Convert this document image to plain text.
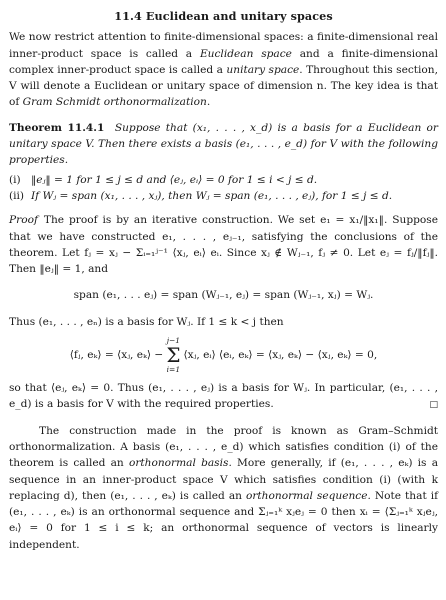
11.4 Euclidean and unitary spaces

We now restrict attention to finite-dimensional spaces: a finite-dimensional real inner-product space is called a Euclidean space and a finite-dimensional complex inner-product space is called a unitary space. Throughout this section, V will denote a Euclidean or unitary space of dimension n. The key idea is that of Gram Schmidt orthonormalization.

Theorem 11.4.1 Suppose that (x₁, . . . , x_d) is a basis for a Euclidean or unitary space V. Then there exists a basis (e₁, . . . , e_d) for V with the following properties.

(i) ‖eⱼ‖ = 1 for 1 ≤ j ≤ d and ⟨eⱼ, eᵢ⟩ = 0 for 1 ≤ i < j ≤ d.
(ii) If Wⱼ = span (x₁, . . . , xⱼ), then Wⱼ = span (e₁, . . . , eⱼ), for 1 ≤ j ≤ d.

Proof The proof is by an iterative construction. We set e₁ = x₁/‖x₁‖. Suppose that we have constructed e₁, . . . , eⱼ₋₁, satisfying the conclusions of the theorem. Let fⱼ = xⱼ − Σᵢ₌₁ʲ⁻¹ ⟨xⱼ, eᵢ⟩ eᵢ. Since xⱼ ∉ Wⱼ₋₁, fⱼ ≠ 0. Let eⱼ = fⱼ/‖fⱼ‖. Then ‖eⱼ‖ = 1, and

span (e₁, . . . eⱼ) = span (Wⱼ₋₁, eⱼ) = span (Wⱼ₋₁, xⱼ) = Wⱼ.

Thus (e₁, . . . , eₙ) is a basis for Wⱼ. If 1 ≤ k < j then

⟨fⱼ, eₖ⟩ = ⟨xⱼ, eₖ⟩ −
j−1
Σ
i=1
⟨xⱼ, eᵢ⟩ ⟨eᵢ, eₖ⟩ = ⟨xⱼ, eₖ⟩ − ⟨xⱼ, eₖ⟩ = 0,

so that ⟨eⱼ, eₖ⟩ = 0. Thus (e₁, . . . , eⱼ) is a basis for Wⱼ. In particular, (e₁, . . . , e_d) is a basis for V with the required properties.	□

The construction made in the proof is known as Gram–Schmidt orthonormalization. A basis (e₁, . . . , e_d) which satisfies condition (i) of the theorem is called an orthonormal basis. More generally, if (e₁, . . . , eₖ) is a sequence in an inner-product space V which satisfies condition (i) (with k replacing d), then (e₁, . . . , eₖ) is called an orthonormal sequence. Note that if (e₁, . . . , eₖ) is an orthonormal sequence and Σⱼ₌₁ᵏ xⱼeⱼ = 0 then xᵢ = ⟨Σⱼ₌₁ᵏ xⱼeⱼ, eᵢ⟩ = 0 for 1 ≤ i ≤ k; an orthonormal sequence of vectors is linearly independent.
